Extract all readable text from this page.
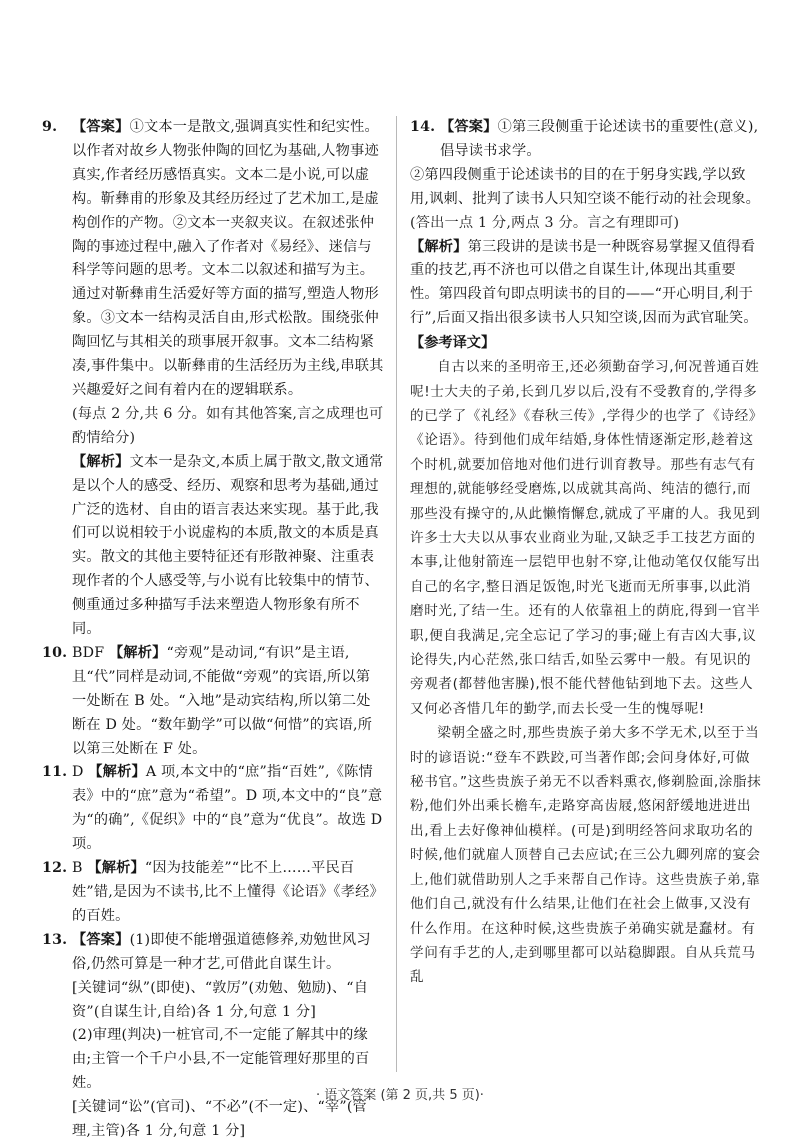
9.	【答案】①文本一是散文,强调真实性和纪实性。以作者对故乡人物张仲陶的回忆为基础,人物事迹真实,作者经历感悟真实。文本二是小说,可以虚构。靳彝甫的形象及其经历经过了艺术加工,是虚构创作的产物。②文本一夹叙夹议。在叙述张仲陶的事迹过程中,融入了作者对《易经》、迷信与科学等问题的思考。文本二以叙述和描写为主。通过对靳彝甫生活爱好等方面的描写,塑造人物形象。③文本一结构灵活自由,形式松散。围绕张仲陶回忆与其相关的琐事展开叙事。文本二结构紧凑,事件集中。以靳彝甫的生活经历为主线,串联其兴趣爱好之间有着内在的逻辑联系。

(每点 2 分,共 6 分。如有其他答案,言之成理也可酌情给分)

【解析】文本一是杂文,本质上属于散文,散文通常是以个人的感受、经历、观察和思考为基础,通过广泛的选材、自由的语言表达来实现。基于此,我们可以说相较于小说虚构的本质,散文的本质是真实。散文的其他主要特征还有形散神聚、注重表现作者的个人感受等,与小说有比较集中的情节、侧重通过多种描写手法来塑造人物形象有所不同。

10. BDF 【解析】“旁观”是动词,“有识”是主语,且“代”同样是动词,不能做“旁观”的宾语,所以第一处断在 B 处。“入地”是动宾结构,所以第二处断在 D 处。“数年勤学”可以做“何惜”的宾语,所以第三处断在 F 处。

11. D 【解析】A 项,本文中的“庶”指“百姓”,《陈情表》中的“庶”意为“希望”。D 项,本文中的“良”意为“的确”,《促织》中的“良”意为“优良”。故选 D 项。

12. B 【解析】“因为技能差”“比不上……平民百姓”错,是因为不读书,比不上懂得《论语》《孝经》的百姓。

13. 【答案】(1)即使不能增强道德修养,劝勉世风习俗,仍然可算是一种才艺,可借此自谋生计。

[关键词“纵”(即使)、“敦厉”(劝勉、勉励)、“自资”(自谋生计,自给)各 1 分,句意 1 分]

(2)审理(判决)一桩官司,不一定能了解其中的缘由;主管一个千户小县,不一定能管理好那里的百姓。

[关键词“讼”(官司)、“不必”(不一定)、“宰”(管理,主管)各 1 分,句意 1 分]

14. 【答案】①第三段侧重于论述读书的重要性(意义),倡导读书求学。

②第四段侧重于论述读书的目的在于躬身实践,学以致用,讽刺、批判了读书人只知空谈不能行动的社会现象。

(答出一点 1 分,两点 3 分。言之有理即可)

【解析】第三段讲的是读书是一种既容易掌握又值得看重的技艺,再不济也可以借之自谋生计,体现出其重要性。第四段首句即点明读书的目的——“开心明目,利于行”,后面又指出很多读书人只知空谈,因而为武官耻笑。

【参考译文】

自古以来的圣明帝王,还必须勤奋学习,何况普通百姓呢!士大夫的子弟,长到几岁以后,没有不受教育的,学得多的已学了《礼经》《春秋三传》,学得少的也学了《诗经》《论语》。待到他们成年结婚,身体性情逐渐定形,趁着这个时机,就要加倍地对他们进行训育教导。那些有志气有理想的,就能够经受磨炼,以成就其高尚、纯洁的德行,而那些没有操守的,从此懒惰懈怠,就成了平庸的人。我见到许多士大夫以从事农业商业为耻,又缺乏手工技艺方面的本事,让他射箭连一层铠甲也射不穿,让他动笔仅仅能写出自己的名字,整日酒足饭饱,时光飞逝而无所事事,以此消磨时光,了结一生。还有的人依靠祖上的荫庇,得到一官半职,便自我满足,完全忘记了学习的事;碰上有吉凶大事,议论得失,内心茫然,张口结舌,如坠云雾中一般。有见识的旁观者(都替他害臊),恨不能代替他钻到地下去。这些人又何必吝惜几年的勤学,而去长受一生的愧辱呢!

梁朝全盛之时,那些贵族子弟大多不学无术,以至于当时的谚语说:“登车不跌跤,可当著作郎;会问身体好,可做秘书官。”这些贵族子弟无不以香料熏衣,修剃脸面,涂脂抹粉,他们外出乘长檐车,走路穿高齿屐,悠闲舒缓地进进出出,看上去好像神仙模样。(可是)到明经答问求取功名的时候,他们就雇人顶替自己去应试;在三公九卿列席的宴会上,他们就借助别人之手来帮自己作诗。这些贵族子弟,靠他们自己,就没有什么结果,让他们在社会上做事,又没有什么作用。在这种时候,这些贵族子弟确实就是蠢材。有学问有手艺的人,走到哪里都可以站稳脚跟。自从兵荒马乱

· 语文答案 (第 2 页,共 5 页)·
